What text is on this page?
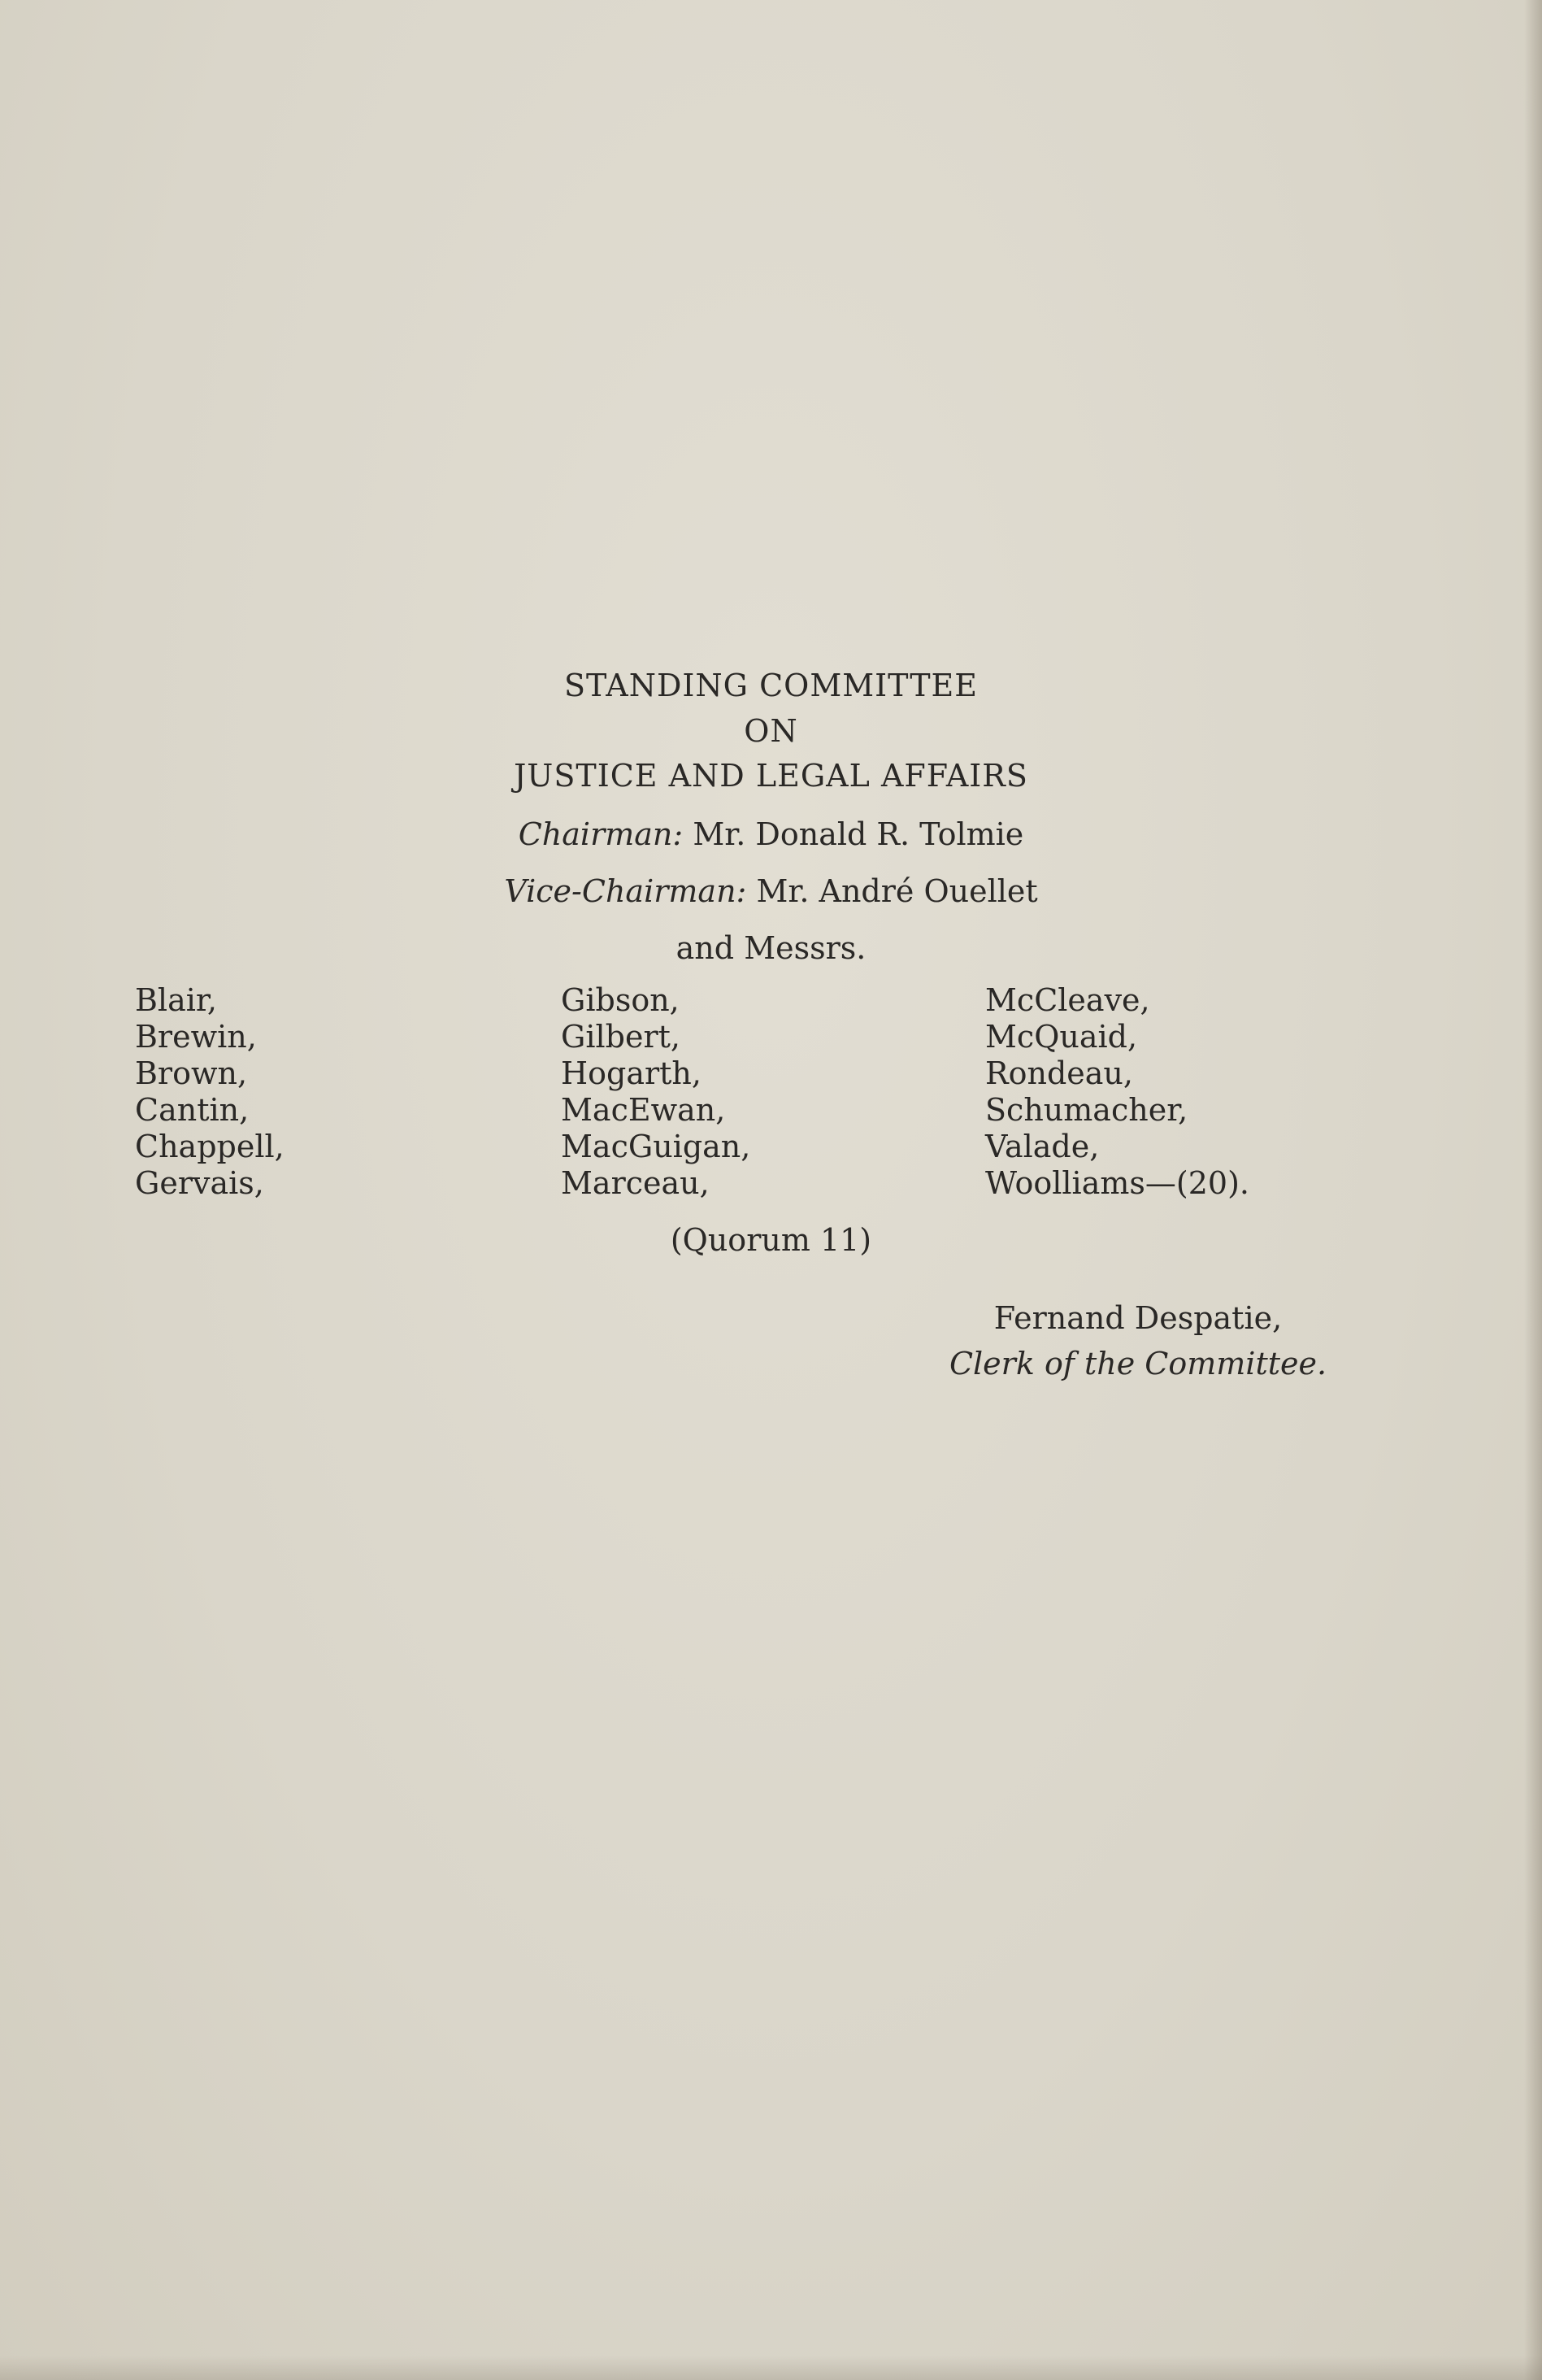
STANDING COMMITTEE
ON
JUSTICE AND LEGAL AFFAIRS
Chairman: Mr. Donald R. Tolmie
Vice-Chairman: Mr. André Ouellet
and Messrs.
Blair,
Brewin,
Brown,
Cantin,
Chappell,
Gervais,
Gibson,
Gilbert,
Hogarth,
MacEwan,
MacGuigan,
Marceau,
McCleave,
McQuaid,
Rondeau,
Schumacher,
Valade,
Woolliams—(20).
(Quorum 11)
Fernand Despatie,
Clerk of the Committee.
